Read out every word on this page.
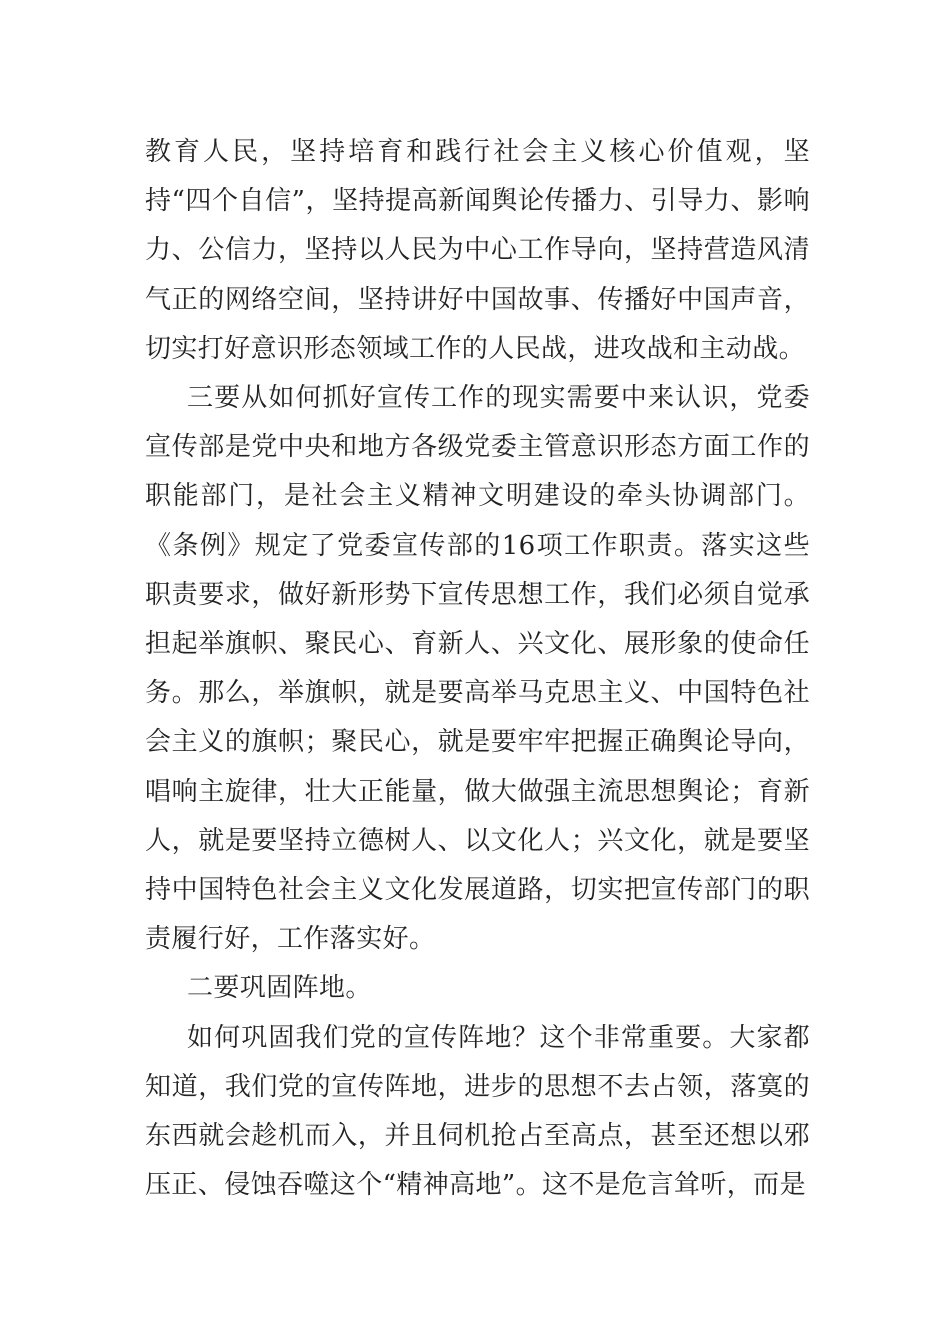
教育人民，坚持培育和践行社会主义核心价值观，坚持“四个自信”，坚持提高新闻舆论传播力、引导力、影响力、公信力，坚持以人民为中心工作导向，坚持营造风清气正的网络空间，坚持讲好中国故事、传播好中国声音，切实打好意识形态领域工作的人民战，进攻战和主动战。

三要从如何抓好宣传工作的现实需要中来认识，党委宣传部是党中央和地方各级党委主管意识形态方面工作的职能部门，是社会主义精神文明建设的牵头协调部门。《条例》规定了党委宣传部的16项工作职责。落实这些职责要求，做好新形势下宣传思想工作，我们必须自觉承担起举旗帜、聚民心、育新人、兴文化、展形象的使命任务。那么，举旗帜，就是要高举马克思主义、中国特色社会主义的旗帜；聚民心，就是要牢牢把握正确舆论导向，唱响主旋律，壮大正能量，做大做强主流思想舆论；育新人，就是要坚持立德树人、以文化人；兴文化，就是要坚持中国特色社会主义文化发展道路，切实把宣传部门的职责履行好，工作落实好。

二要巩固阵地。

如何巩固我们党的宣传阵地？这个非常重要。大家都知道，我们党的宣传阵地，进步的思想不去占领，落寞的东西就会趁机而入，并且伺机抢占至高点，甚至还想以邪压正、侵蚀吞噬这个“精神高地”。这不是危言耸听，而是
